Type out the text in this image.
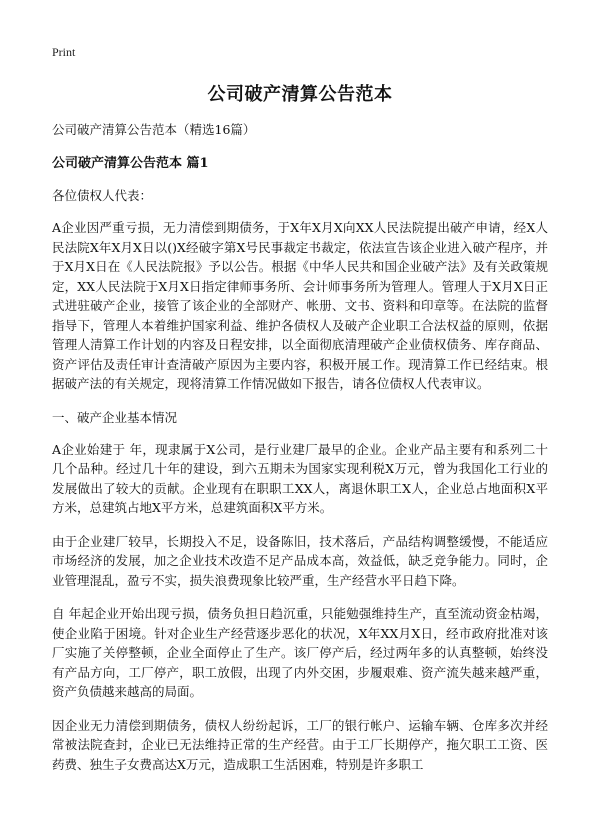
Print
公司破产清算公告范本

公司破产清算公告范本（精选16篇）

公司破产清算公告范本 篇1

各位债权人代表：

A企业因严重亏损，无力清偿到期债务，于X年X月X向XX人民法院提出破产申请，经X人民法院X年X月X日以()X经破字第X号民事裁定书裁定，依法宣告该企业进入破产程序，并于X月X日在《人民法院报》予以公告。根据《中华人民共和国企业破产法》及有关政策规定，XX人民法院于X月X日指定律师事务所、会计师事务所为管理人。管理人于X月X日正式进驻破产企业，接管了该企业的全部财产、帐册、文书、资料和印章等。在法院的监督指导下，管理人本着维护国家利益、维护各债权人及破产企业职工合法权益的原则，依据管理人清算工作计划的内容及日程安排，以全面彻底清理破产企业债权债务、库存商品、资产评估及责任审计查清破产原因为主要内容，积极开展工作。现清算工作已经结束。根据破产法的有关规定，现将清算工作情况做如下报告，请各位债权人代表审议。

一、破产企业基本情况

A企业始建于 年，现隶属于X公司，是行业建厂最早的企业。企业产品主要有和系列二十几个品种。经过几十年的建设，到六五期未为国家实现利税X万元，曾为我国化工行业的发展做出了较大的贡献。企业现有在职职工XX人，离退休职工X人，企业总占地面积X平方米，总建筑占地X平方米，总建筑面积X平方米。

由于企业建厂较早，长期投入不足，设备陈旧，技术落后，产品结构调整缓慢，不能适应市场经济的发展，加之企业技术改造不足产品成本高，效益低，缺乏竞争能力。同时，企业管理混乱，盈亏不实，损失浪费现象比较严重，生产经营水平日趋下降。

自 年起企业开始出现亏损，债务负担日趋沉重，只能勉强维持生产，直至流动资金枯竭，使企业陷于困境。针对企业生产经营逐步恶化的状况，X年XX月X日，经市政府批准对该厂实施了关停整顿，企业全面停止了生产。该厂停产后，经过两年多的认真整顿，始终没有产品方向，工厂停产，职工放假，出现了内外交困，步履艰难、资产流失越来越严重，资产负债越来越高的局面。

因企业无力清偿到期债务，债权人纷纷起诉，工厂的银行帐户、运输车辆、仓库多次并经常被法院查封，企业已无法维持正常的生产经营。由于工厂长期停产，拖欠职工工资、医药费、独生子女费高达X万元，造成职工生活困难，特别是许多职工
